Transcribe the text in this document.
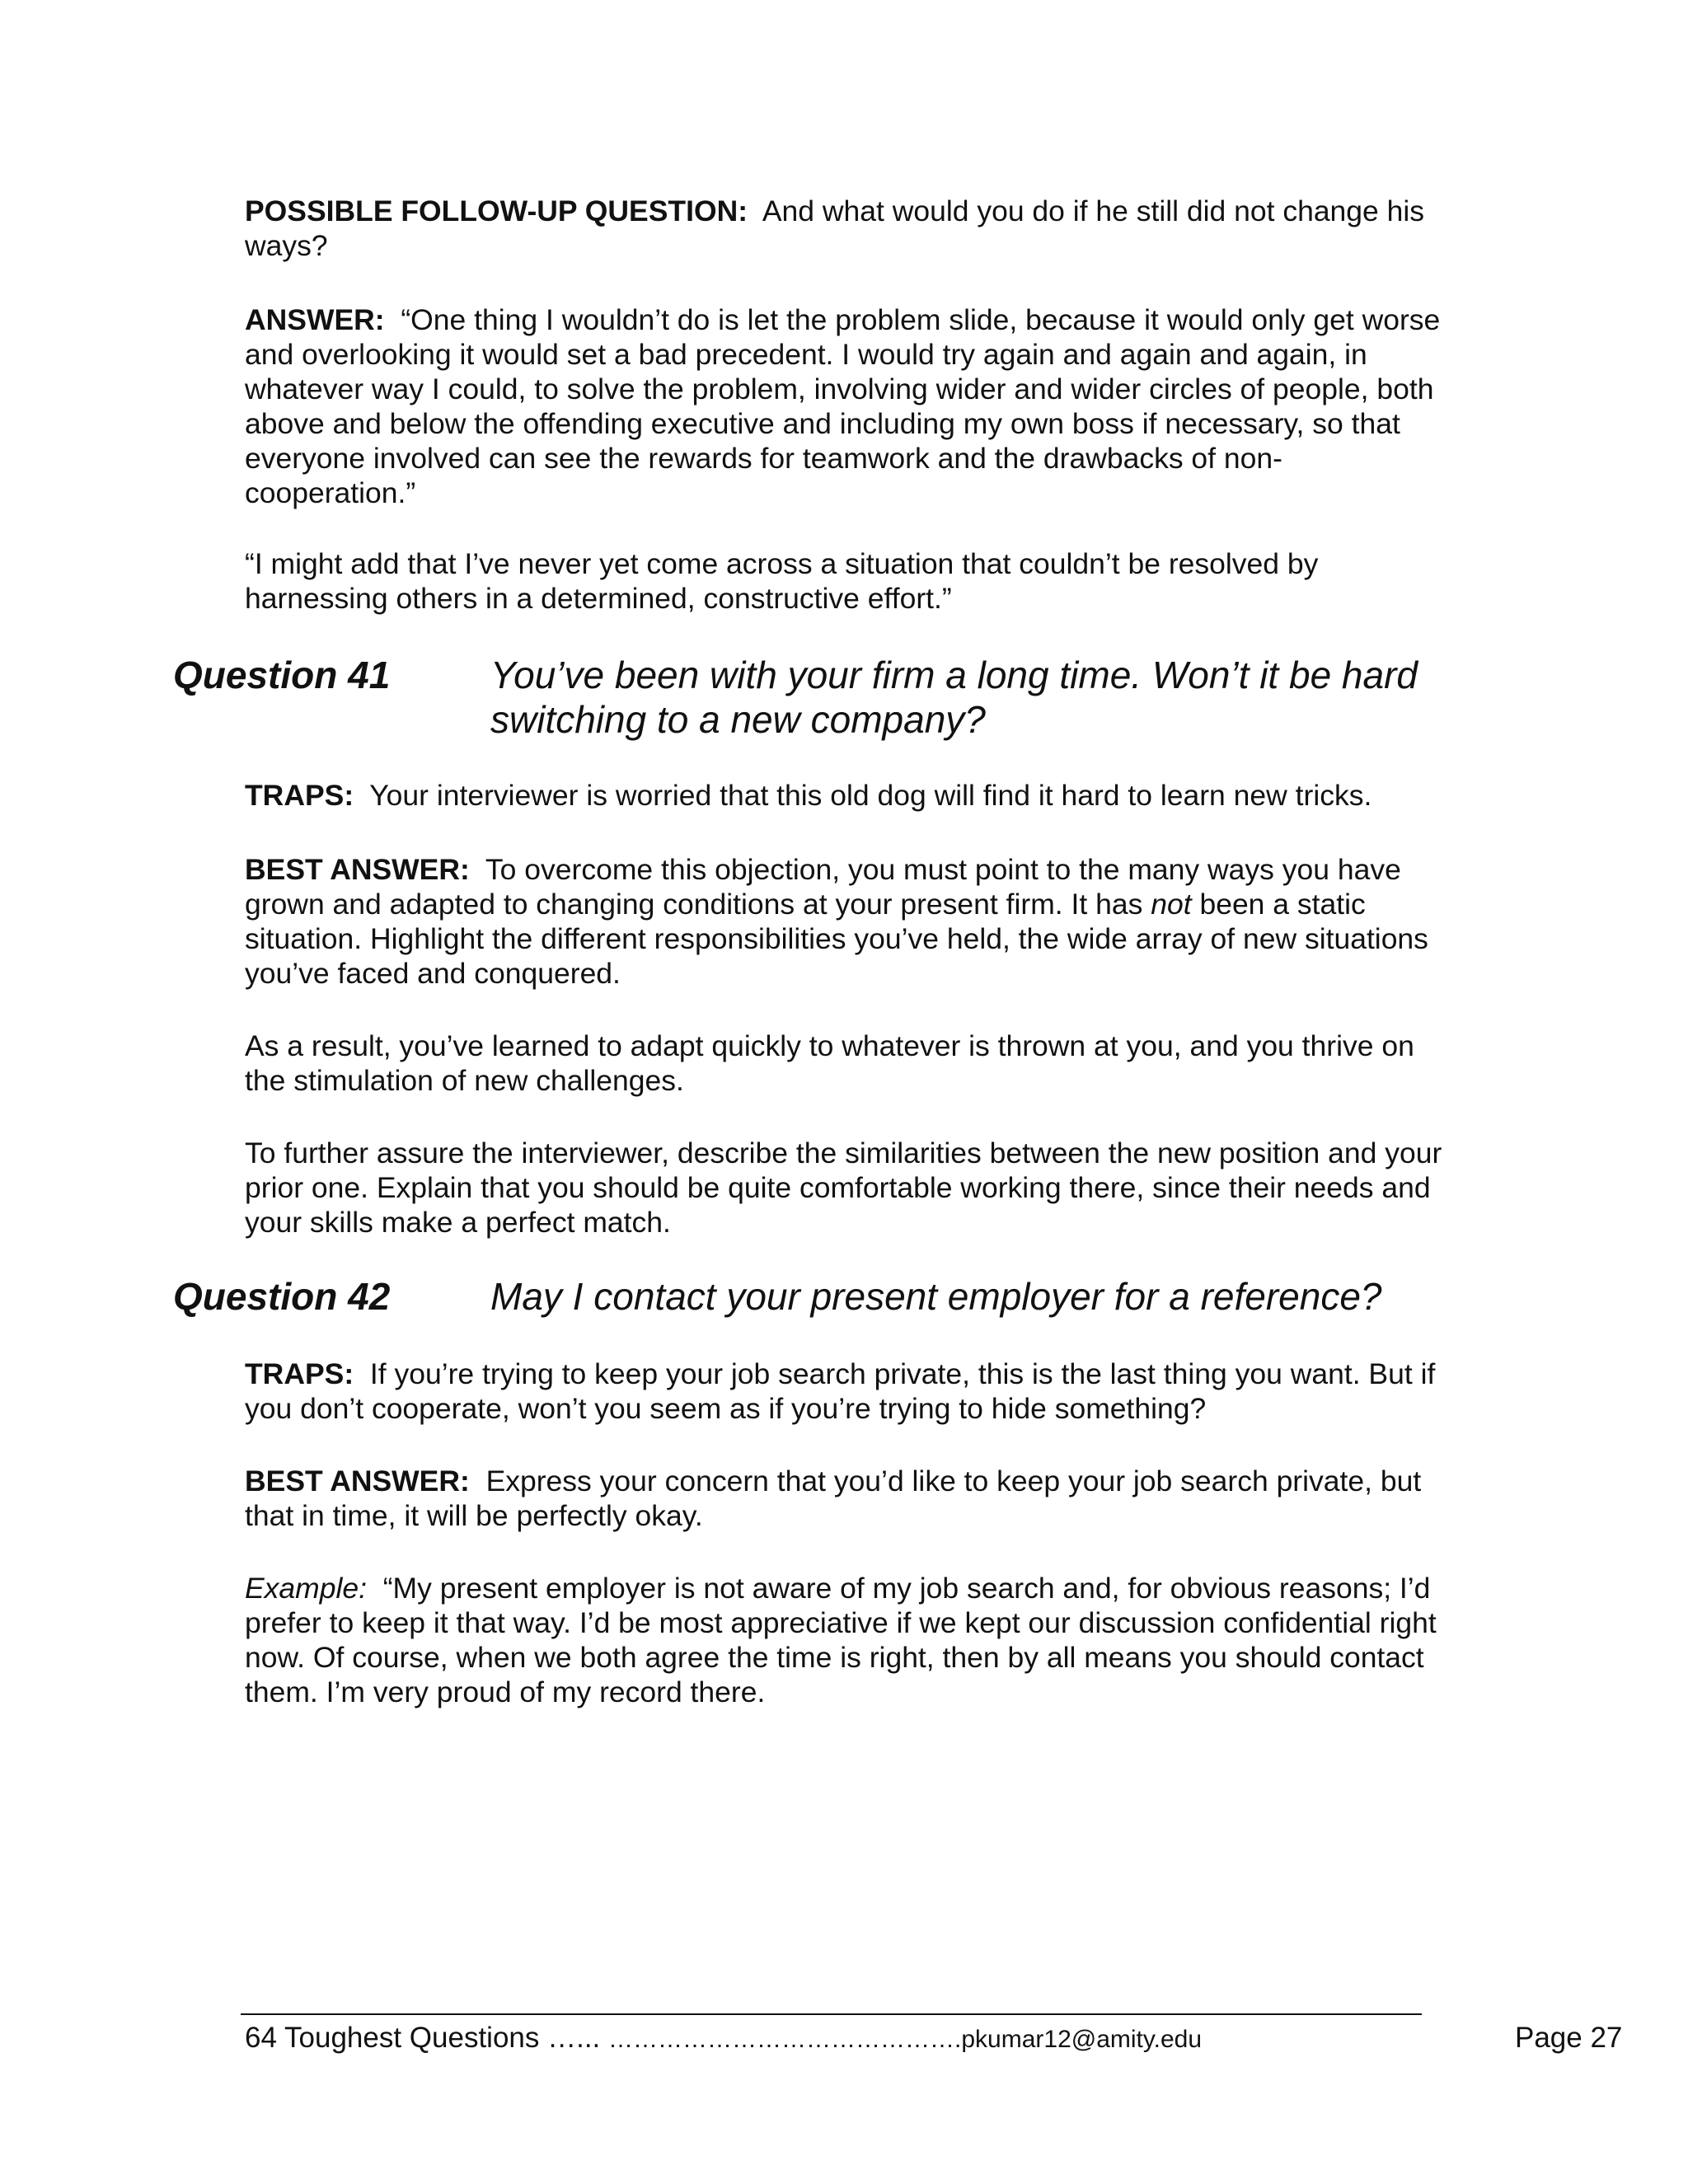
POSSIBLE FOLLOW-UP QUESTION: And what would you do if he still did not change his ways?

ANSWER: “One thing I wouldn’t do is let the problem slide, because it would only get worse and overlooking it would set a bad precedent. I would try again and again and again, in whatever way I could, to solve the problem, involving wider and wider circles of people, both above and below the offending executive and including my own boss if necessary, so that everyone involved can see the rewards for teamwork and the drawbacks of non-cooperation.”

“I might add that I’ve never yet come across a situation that couldn’t be resolved by harnessing others in a determined, constructive effort.”

Question 41	You’ve been with your firm a long time. Won’t it be hard switching to a new company?

TRAPS: Your interviewer is worried that this old dog will find it hard to learn new tricks.

BEST ANSWER: To overcome this objection, you must point to the many ways you have grown and adapted to changing conditions at your present firm. It has not been a static situation. Highlight the different responsibilities you’ve held, the wide array of new situations you’ve faced and conquered.

As a result, you’ve learned to adapt quickly to whatever is thrown at you, and you thrive on the stimulation of new challenges.

To further assure the interviewer, describe the similarities between the new position and your prior one. Explain that you should be quite comfortable working there, since their needs and your skills make a perfect match.

Question 42	May I contact your present employer for a reference?

TRAPS: If you’re trying to keep your job search private, this is the last thing you want. But if you don’t cooperate, won’t you seem as if you’re trying to hide something?

BEST ANSWER: Express your concern that you’d like to keep your job search private, but that in time, it will be perfectly okay.

Example: “My present employer is not aware of my job search and, for obvious reasons; I’d prefer to keep it that way. I’d be most appreciative if we kept our discussion confidential right now. Of course, when we both agree the time is right, then by all means you should contact them. I’m very proud of my record there.

64 Toughest Questions …... …………………………………….pkumar12@amity.edu	Page 27
